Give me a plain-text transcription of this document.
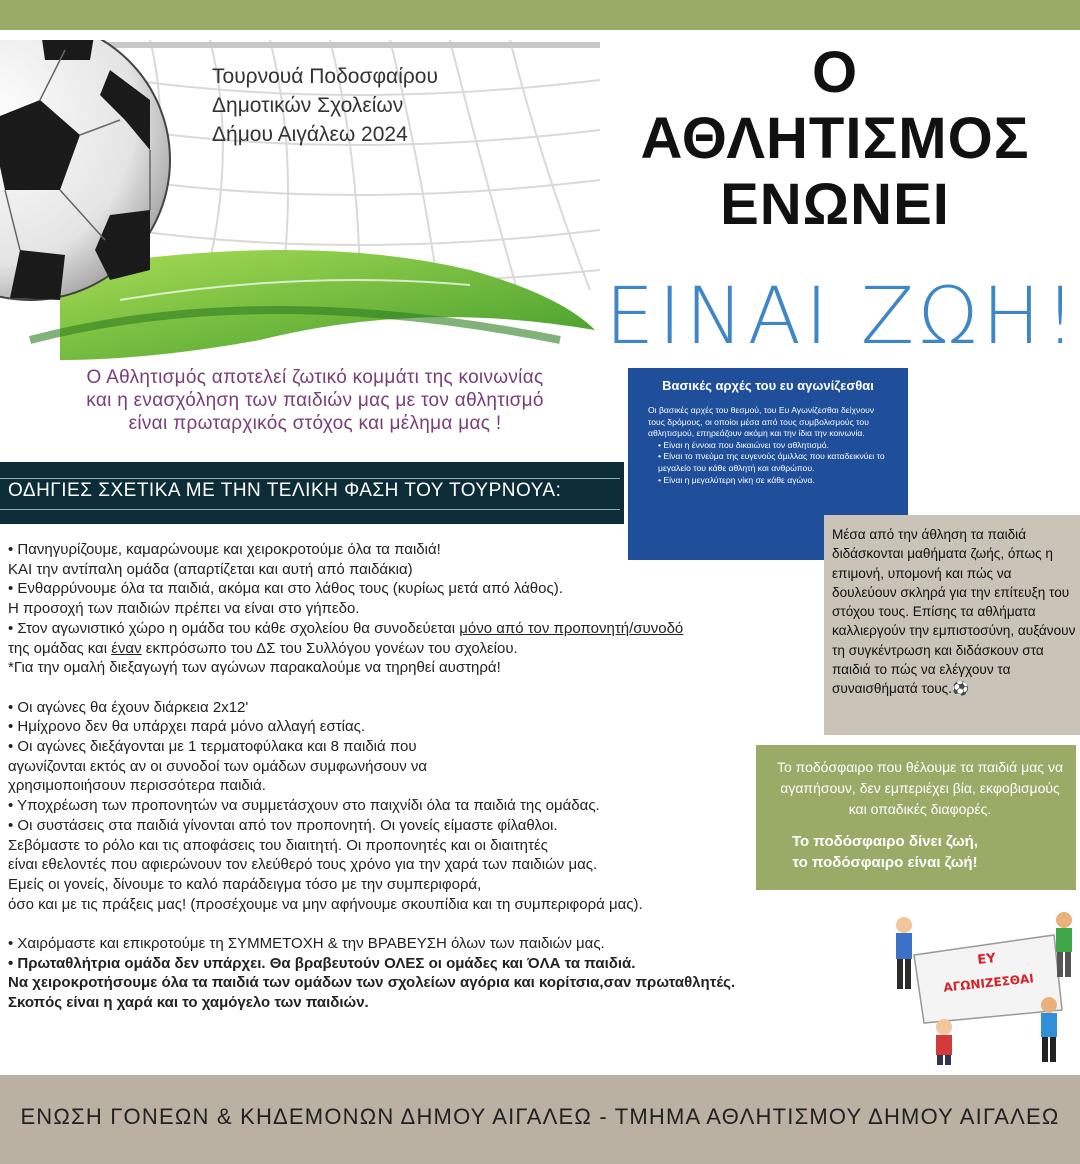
Τουρνουά Ποδοσφαίρου
Δημοτικών Σχολείων
Δήμου Αιγάλεω 2024
Ο
ΑΘΛΗΤΙΣΜΟΣ
ΕΝΩΝΕΙ
ΕΙΝΑΙ ΖΩΗ!
Ο Αθλητισμός αποτελεί ζωτικό κομμάτι της κοινωνίας
και η ενασχόληση των παιδιών μας με τον αθλητισμό
είναι πρωταρχικός στόχος και μέλημα μας !
Βασικές αρχές του ευ αγωνίζεσθαι
Οι βασικές αρχές του θεσμού, του Ευ Αγωνίζεσθαι δείχνουν τους δρόμους, οι οποίοι μέσα από τους συμβολισμούς του αθλητισμού, επηρεάζουν ακόμη και την ίδια την κοινωνία.
• Είναι η έννοια που δικαιώνει τον αθλητισμό.
• Είναι το πνεύμα της ευγενούς άμιλλας που καταδεικνύει το μεγαλείο του κάθε αθλητή και ανθρώπου.
• Είναι η μεγαλύτερη νίκη σε κάθε αγώνα.
ΟΔΗΓΙΕΣ ΣΧΕΤΙΚΑ ΜΕ ΤΗΝ ΤΕΛΙΚΗ ΦΑΣΗ ΤΟΥ ΤΟΥΡΝΟΥΑ:
Μέσα από την άθληση τα παιδιά διδάσκονται μαθήματα ζωής, όπως η επιμονή, υπομονή και πώς να δουλεύουν σκληρά για την επίτευξη του στόχου τους. Επίσης τα αθλήματα καλλιεργούν την εμπιστοσύνη, αυξάνουν τη συγκέντρωση και διδάσκουν στα παιδιά το πώς να ελέγχουν τα συναισθήματά τους.⚽
Το ποδόσφαιρο που θέλουμε τα παιδιά μας να αγαπήσουν, δεν εμπεριέχει βία, εκφοβισμούς και οπαδικές διαφορές.
Το ποδόσφαιρο δίνει ζωή,
το ποδόσφαιρο είναι ζωή!

• Πανηγυρίζουμε, καμαρώνουμε και χειροκροτούμε όλα τα παιδιά!

ΚΑΙ την αντίπαλη ομάδα (απαρτίζεται και αυτή από παιδάκια)

• Ενθαρρύνουμε όλα τα παιδιά, ακόμα και στο λάθος τους (κυρίως μετά από λάθος).

Η προσοχή των παιδιών πρέπει να είναι στο γήπεδο.

• Στον αγωνιστικό χώρο η ομάδα του κάθε σχολείου θα συνοδεύεται μόνο από τον προπονητή/συνοδό

της ομάδας και έναν εκπρόσωπο του ΔΣ του Συλλόγου γονέων του σχολείου.

*Για την ομαλή διεξαγωγή των αγώνων παρακαλούμε να τηρηθεί αυστηρά!

• Οι αγώνες θα έχουν διάρκεια 2x12'

• Ημίχρονο δεν θα υπάρχει παρά μόνο αλλαγή εστίας.

• Οι αγώνες διεξάγονται με 1 τερματοφύλακα και 8 παιδιά που

αγωνίζονται εκτός αν οι συνοδοί των ομάδων συμφωνήσουν να

χρησιμοποιήσουν περισσότερα παιδιά.

• Υποχρέωση των προπονητών να συμμετάσχουν στο παιχνίδι όλα τα παιδιά της ομάδας.

• Οι συστάσεις στα παιδιά γίνονται από τον προπονητή. Οι γονείς είμαστε φίλαθλοι.

Σεβόμαστε το ρόλο και τις αποφάσεις του διαιτητή. Οι προπονητές και οι διαιτητές

είναι εθελοντές που αφιερώνουν τον ελεύθερό τους χρόνο για την χαρά των παιδιών μας.

Εμείς οι γονείς, δίνουμε το καλό παράδειγμα τόσο με την συμπεριφορά,

όσο και με τις πράξεις μας! (προσέχουμε να μην αφήνουμε σκουπίδια και τη συμπεριφορά μας).

• Χαιρόμαστε και επικροτούμε τη ΣΥΜΜΕΤΟΧΗ & την ΒΡΑΒΕΥΣΗ όλων των παιδιών μας.

• Πρωταθλήτρια ομάδα δεν υπάρχει. Θα βραβευτούν ΟΛΕΣ οι ομάδες και ΌΛΑ τα παιδιά.

Να χειροκροτήσουμε όλα τα παιδιά των ομάδων των σχολείων αγόρια και κορίτσια,σαν πρωταθλητές.

Σκοπός είναι η χαρά και το χαμόγελο των παιδιών.

ΕΥ
ΑΓΩΝΙΖΕΣΘΑΙ
ΕΝΩΣΗ ΓΟΝΕΩΝ & ΚΗΔΕΜΟΝΩΝ ΔΗΜΟΥ ΑΙΓΑΛΕΩ - ΤΜΗΜΑ ΑΘΛΗΤΙΣΜΟΥ ΔΗΜΟΥ ΑΙΓΑΛΕΩ
